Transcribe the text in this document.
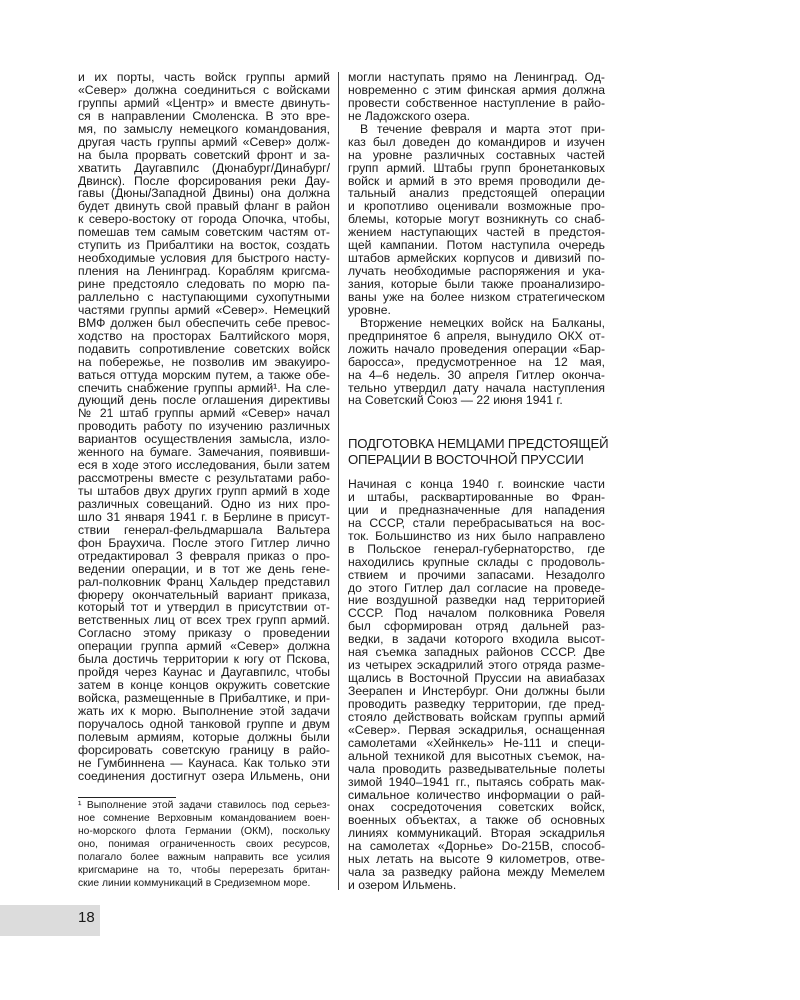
и их порты, часть войск группы армий
«Север» должна соединиться с войсками
группы армий «Центр» и вместе двинуть-
ся в направлении Смоленска. В это вре-
мя, по замыслу немецкого командования,
другая часть группы армий «Север» долж-
на была прорвать советский фронт и за-
хватить Даугавпилс (Дюнабург/Динабург/
Двинск). После форсирования реки Дау-
гавы (Дюны/Западной Двины) она должна
будет двинуть свой правый фланг в район
к северо-востоку от города Опочка, чтобы,
помешав тем самым советским частям от-
ступить из Прибалтики на восток, создать
необходимые условия для быстрого насту-
пления на Ленинград. Кораблям кригсма-
рине предстояло следовать по морю па-
раллельно с наступающими сухопутными
частями группы армий «Север». Немецкий
ВМФ должен был обеспечить себе превос-
ходство на просторах Балтийского моря,
подавить сопротивление советских войск
на побережье, не позволив им эвакуиро-
ваться оттуда морским путем, а также обе-
спечить снабжение группы армий¹. На сле-
дующий день после оглашения директивы
№ 21 штаб группы армий «Север» начал
проводить работу по изучению различных
вариантов осуществления замысла, изло-
женного на бумаге. Замечания, появивши-
еся в ходе этого исследования, были затем
рассмотрены вместе с результатами рабо-
ты штабов двух других групп армий в ходе
различных совещаний. Одно из них про-
шло 31 января 1941 г. в Берлине в присут-
ствии генерал-фельдмаршала Вальтера
фон Браухича. После этого Гитлер лично
отредактировал 3 февраля приказ о про-
ведении операции, и в тот же день гене-
рал-полковник Франц Хальдер представил
фюреру окончательный вариант приказа,
который тот и утвердил в присутствии от-
ветственных лиц от всех трех групп армий.
Согласно этому приказу о проведении
операции группа армий «Север» должна
была достичь территории к югу от Пскова,
пройдя через Каунас и Даугавпилс, чтобы
затем в конце концов окружить советские
войска, размещенные в Прибалтике, и при-
жать их к морю. Выполнение этой задачи
поручалось одной танковой группе и двум
полевым армиям, которые должны были
форсировать советскую границу в райо-
не Гумбиннена — Каунаса. Как только эти
соединения достигнут озера Ильмень, они
могли наступать прямо на Ленинград. Од-
новременно с этим финская армия должна
провести собственное наступление в райо-
не Ладожского озера.
В течение февраля и марта этот при-
каз был доведен до командиров и изучен
на уровне различных составных частей
групп армий. Штабы групп бронетанковых
войск и армий в это время проводили де-
тальный анализ предстоящей операции
и кропотливо оценивали возможные про-
блемы, которые могут возникнуть со снаб-
жением наступающих частей в предстоя-
щей кампании. Потом наступила очередь
штабов армейских корпусов и дивизий по-
лучать необходимые распоряжения и ука-
зания, которые были также проанализиро-
ваны уже на более низком стратегическом
уровне.
Вторжение немецких войск на Балканы,
предпринятое 6 апреля, вынудило ОКХ от-
ложить начало проведения операции «Бар-
баросса», предусмотренное на 12 мая,
на 4–6 недель. 30 апреля Гитлер оконча-
тельно утвердил дату начала наступления
на Советский Союз — 22 июня 1941 г.
ПОДГОТОВКА НЕМЦАМИ ПРЕДСТОЯЩЕЙ
ОПЕРАЦИИ В ВОСТОЧНОЙ ПРУССИИ
Начиная с конца 1940 г. воинские части
и штабы, расквартированные во Фран-
ции и предназначенные для нападения
на СССР, стали перебрасываться на вос-
ток. Большинство из них было направлено
в Польское генерал-губернаторство, где
находились крупные склады с продоволь-
ствием и прочими запасами. Незадолго
до этого Гитлер дал согласие на проведе-
ние воздушной разведки над территорией
СССР. Под началом полковника Ровеля
был сформирован отряд дальней раз-
ведки, в задачи которого входила высот-
ная съемка западных районов СССР. Две
из четырех эскадрилий этого отряда разме-
щались в Восточной Пруссии на авиабазах
Зеерапен и Инстербург. Они должны были
проводить разведку территории, где пред-
стояло действовать войскам группы армий
«Север». Первая эскадрилья, оснащенная
самолетами «Хейнкель» He-111 и специ-
альной техникой для высотных съемок, на-
чала проводить разведывательные полеты
зимой 1940–1941 гг., пытаясь собрать мак-
симальное количество информации о рай-
онах сосредоточения советских войск,
военных объектах, а также об основных
линиях коммуникаций. Вторая эскадрилья
на самолетах «Дорнье» Do-215B, способ-
ных летать на высоте 9 километров, отве-
чала за разведку района между Мемелем
и озером Ильмень.
¹ Выполнение этой задачи ставилось под серьез-
ное сомнение Верховным командованием воен-
но-морского флота Германии (ОКМ), поскольку
оно, понимая ограниченность своих ресурсов,
полагало более важным направить все усилия
кригсмарине на то, чтобы перерезать британ-
ские линии коммуникаций в Средиземном море.
18
